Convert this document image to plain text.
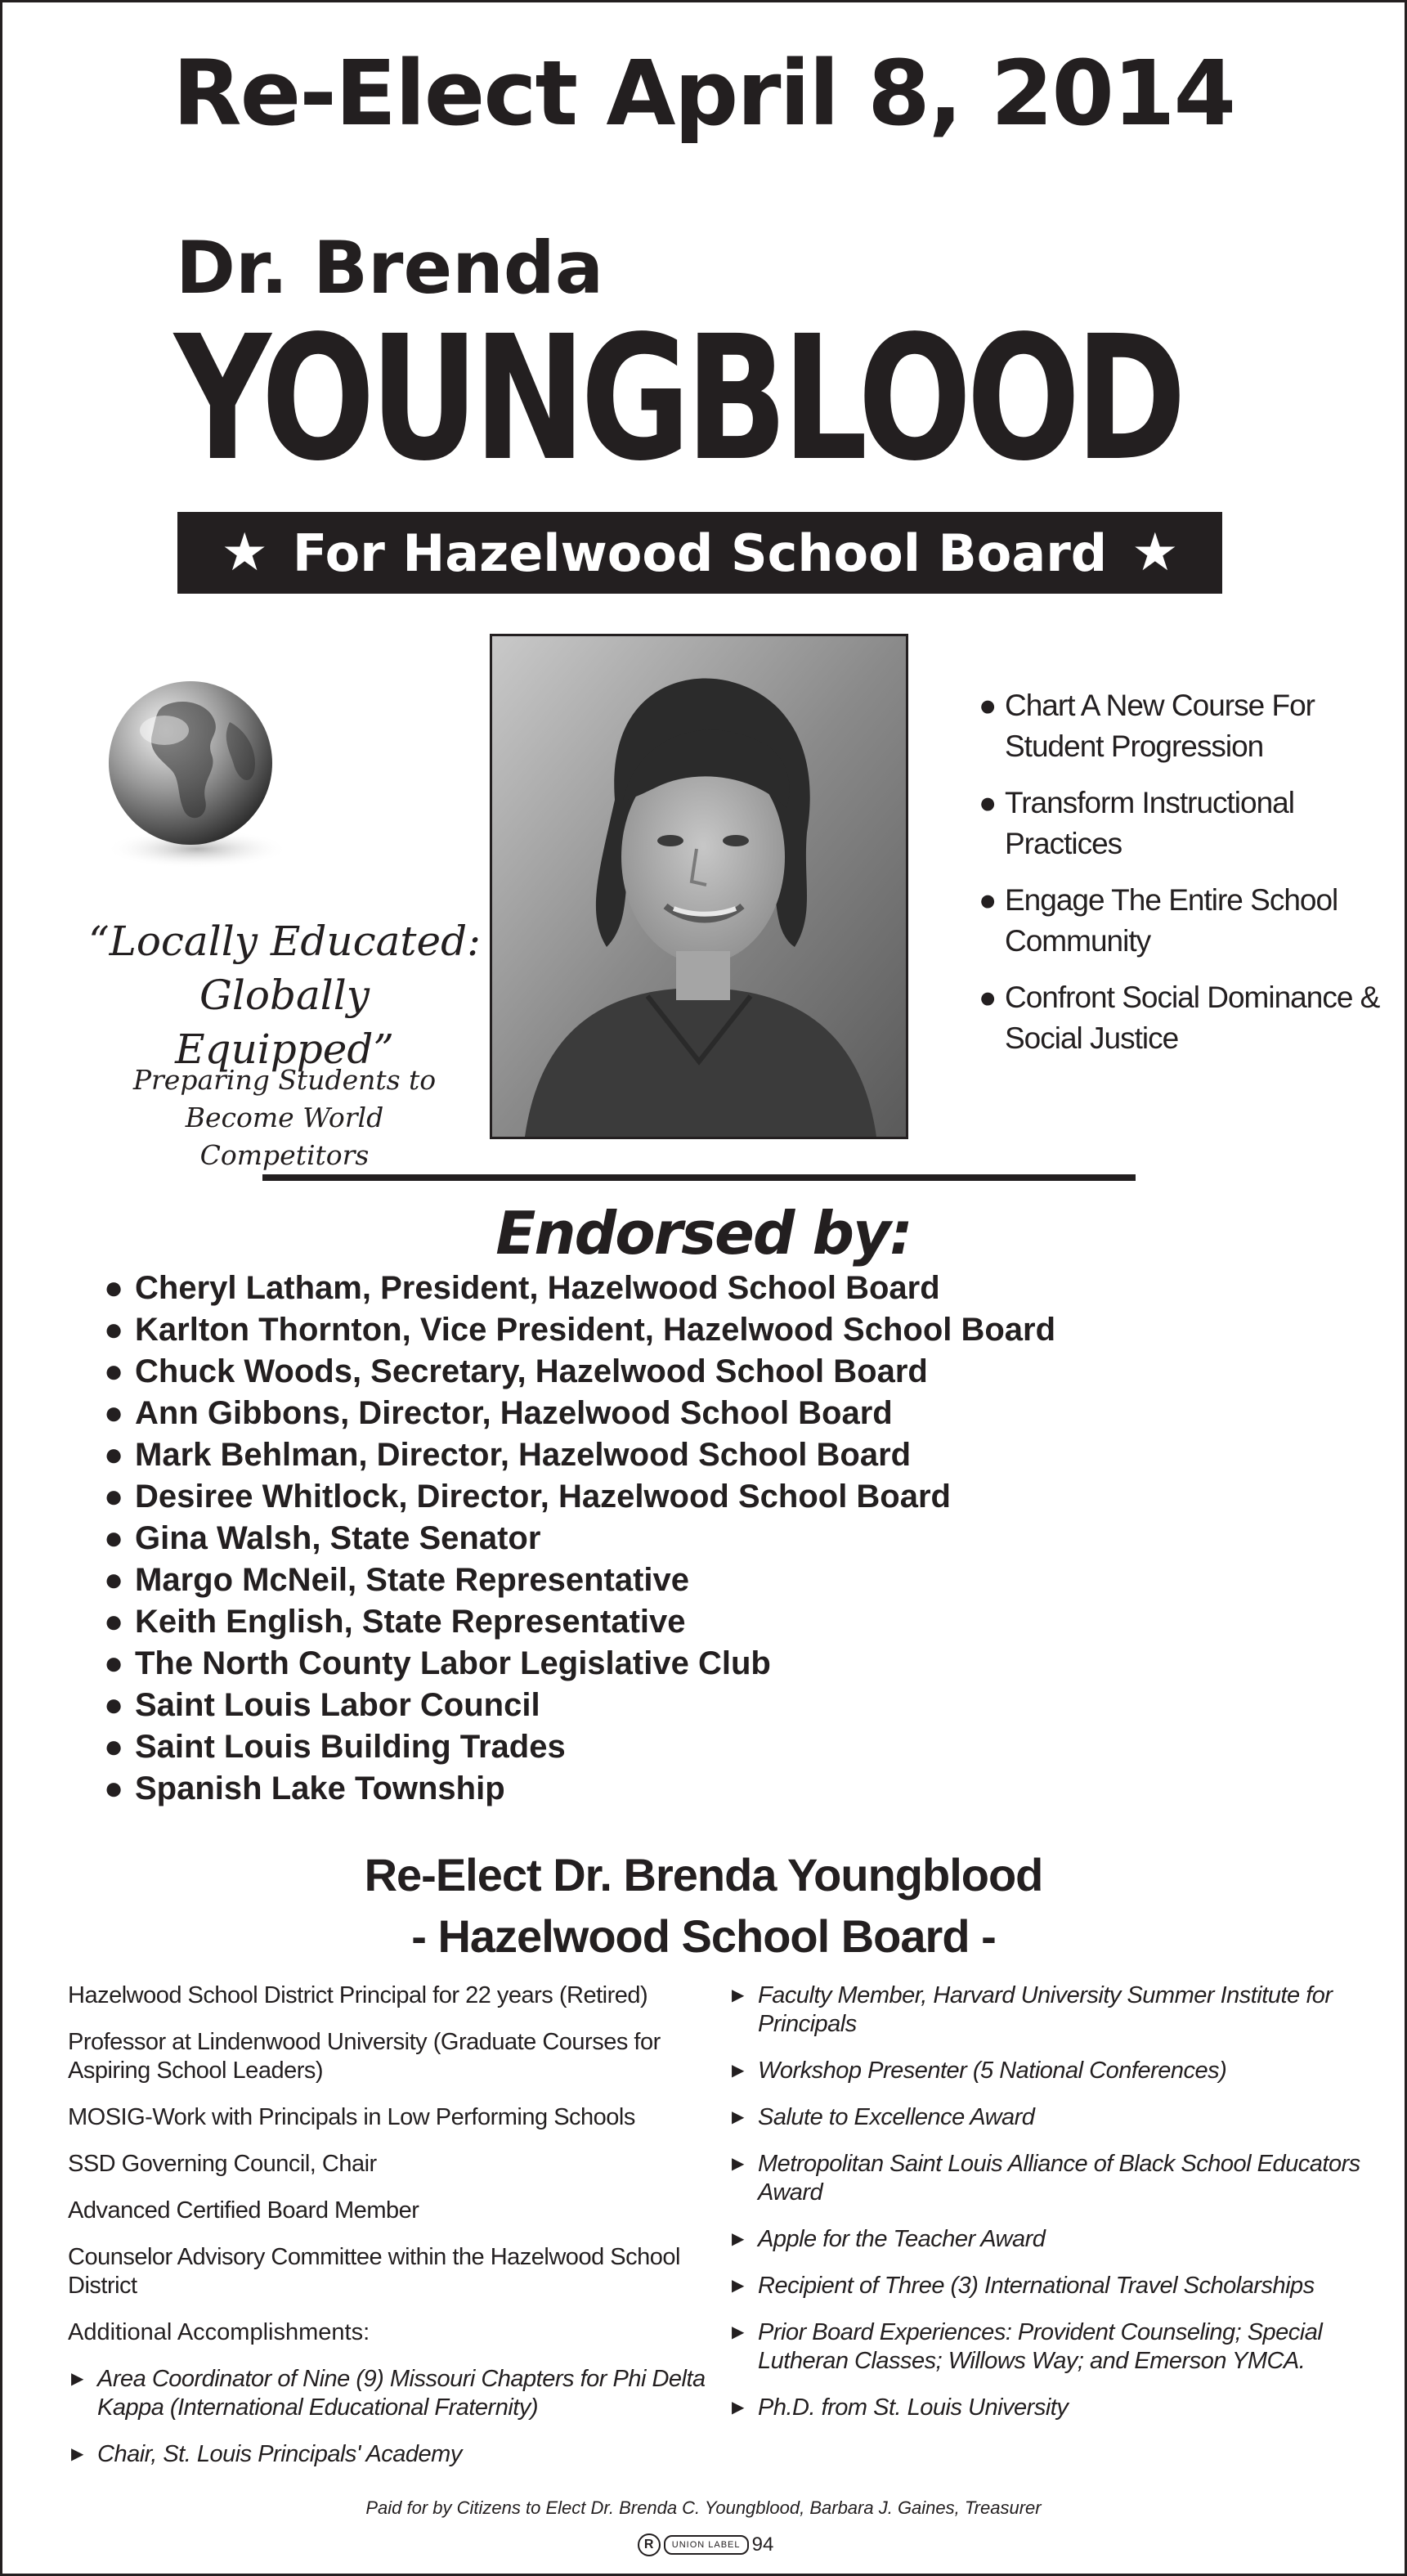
Re-Elect April 8, 2014
Dr. Brenda
YOUNGBLOOD
★ For Hazelwood School Board ★
“Locally Educated:
Globally Equipped”
Preparing Students to
Become World Competitors
● Chart A New Course For Student Progression
● Transform Instructional Practices
● Engage The Entire School Community
● Confront Social Dominance & Social Justice
Endorsed by:
● Cheryl Latham, President, Hazelwood School Board
● Karlton Thornton, Vice President, Hazelwood School Board
● Chuck Woods, Secretary, Hazelwood School Board
● Ann Gibbons, Director, Hazelwood School Board
● Mark Behlman, Director, Hazelwood School Board
● Desiree Whitlock, Director, Hazelwood School Board
● Gina Walsh, State Senator
● Margo McNeil, State Representative
● Keith English, State Representative
● The North County Labor Legislative Club
● Saint Louis Labor Council
● Saint Louis Building Trades
● Spanish Lake Township
Re-Elect Dr. Brenda Youngblood
- Hazelwood School Board -
Hazelwood School District Principal for 22 years (Retired)
Professor at Lindenwood University (Graduate Courses for Aspiring School Leaders)
MOSIG-Work with Principals in Low Performing Schools
SSD Governing Council, Chair
Advanced Certified Board Member
Counselor Advisory Committee within the Hazelwood School District
Additional Accomplishments:
▶ Area Coordinator of Nine (9) Missouri Chapters for Phi Delta Kappa (International Educational Fraternity)
▶ Chair, St. Louis Principals' Academy
▶ Faculty Member, Harvard University Summer Institute for Principals
▶ Workshop Presenter (5 National Conferences)
▶ Salute to Excellence Award
▶ Metropolitan Saint Louis Alliance of Black School Educators Award
▶ Apple for the Teacher Award
▶ Recipient of Three (3) International Travel Scholarships
▶ Prior Board Experiences: Provident Counseling; Special Lutheran Classes; Willows Way; and Emerson YMCA.
▶ Ph.D. from St. Louis University
Paid for by Citizens to Elect Dr. Brenda C. Youngblood, Barbara J. Gaines, Treasurer
R	UNION LABEL 94
